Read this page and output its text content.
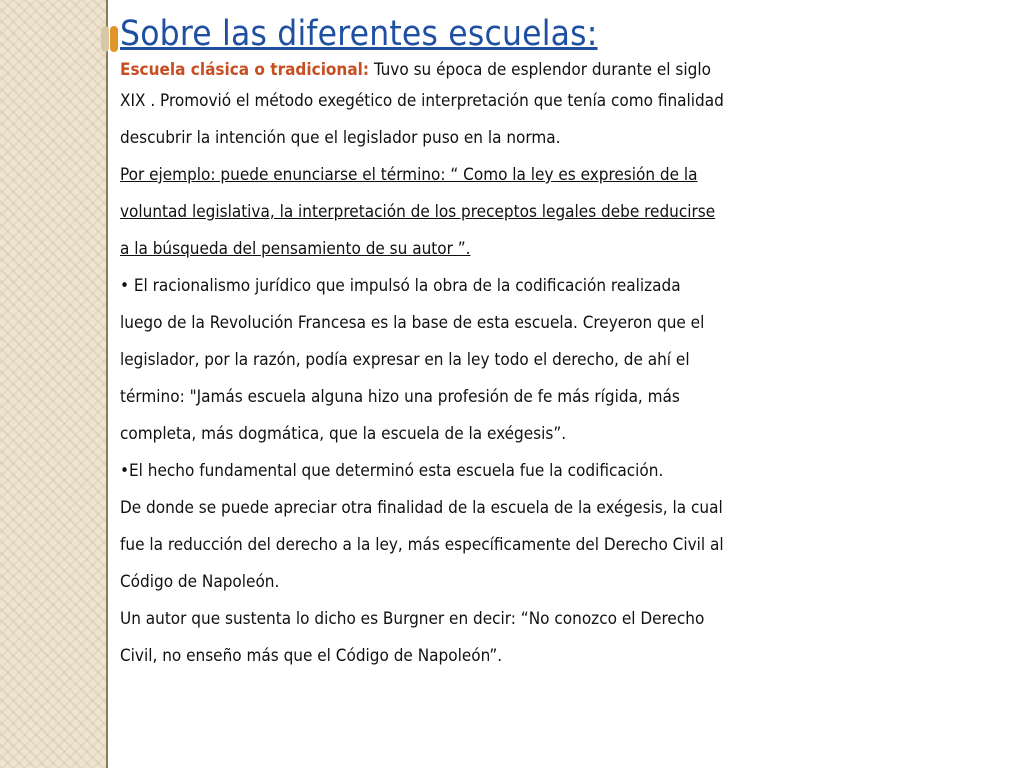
Sobre las diferentes escuelas:
Escuela clásica o tradicional: Tuvo su época de esplendor durante el siglo
XIX . Promovió el método exegético de interpretación que tenía como finalidad
descubrir la intención que el legislador puso en la norma.
Por ejemplo: puede enunciarse el término: “ Como la ley es expresión de la
voluntad legislativa, la interpretación de los preceptos legales debe reducirse
a la búsqueda del pensamiento de su autor ”.
• El racionalismo jurídico que impulsó la obra de la codificación realizada
luego de la Revolución Francesa es la base de esta escuela. Creyeron que el
legislador, por la razón, podía expresar en la ley todo el derecho, de ahí el
término: "Jamás escuela alguna hizo una profesión de fe más rígida, más
completa, más dogmática, que la escuela de la exégesis”.
•El hecho fundamental que determinó esta escuela fue la codificación.
De donde se puede apreciar otra finalidad de la escuela de la exégesis, la cual
fue la reducción del derecho a la ley, más específicamente del Derecho Civil al
Código de Napoleón.
Un autor que sustenta lo dicho es Burgner en decir: “No conozco el Derecho
Civil, no enseño más que el Código de Napoleón”.
